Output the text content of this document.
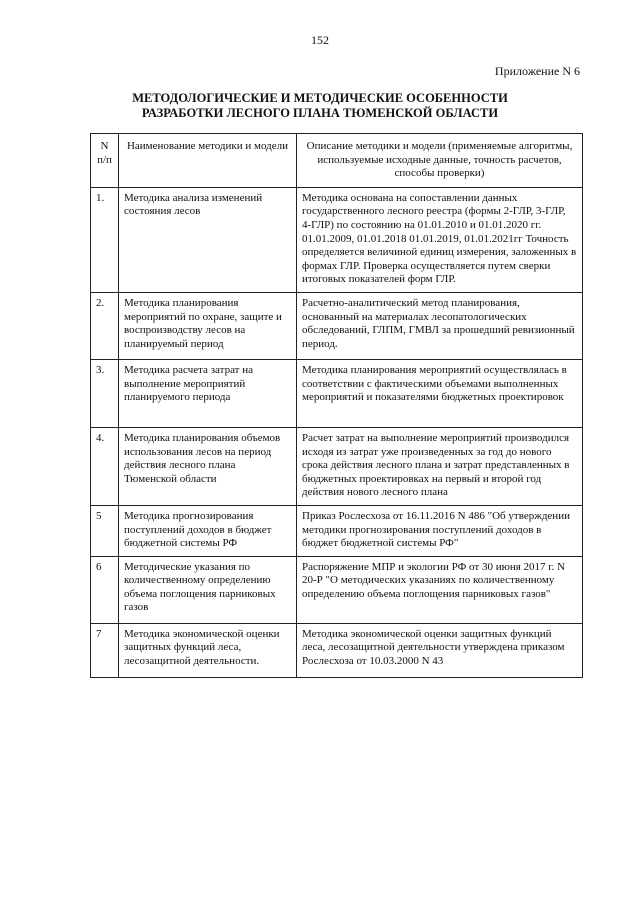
152
Приложение N 6
МЕТОДОЛОГИЧЕСКИЕ И МЕТОДИЧЕСКИЕ ОСОБЕННОСТИ
РАЗРАБОТКИ ЛЕСНОГО ПЛАНА ТЮМЕНСКОЙ ОБЛАСТИ
N п/п	Наименование методики и модели	Описание методики и модели (применяемые алгоритмы, используемые исходные данные, точность расчетов, способы проверки)
1.	Методика анализа изменений состояния лесов	Методика основана на сопоставлении данных государственного лесного реестра (формы 2-ГЛР, 3-ГЛР, 4-ГЛР) по состоянию на 01.01.2010 и 01.01.2020 гг. 01.01.2009, 01.01.2018 01.01.2019, 01.01.2021гг Точность определяется величиной единиц измерения, заложенных в формах ГЛР. Проверка осуществляется путем сверки итоговых показателей форм ГЛР.
2.	Методика планирования мероприятий по охране, защите и воспроизводству лесов на планируемый период	Расчетно-аналитический метод планирования, основанный на материалах лесопатологических обследований, ГЛПМ, ГМВЛ за прошедший ревизионный период.
3.	Методика расчета затрат на выполнение мероприятий планируемого периода	Методика планирования мероприятий осуществлялась в соответствии с фактическими объемами выполненных мероприятий и показателями бюджетных проектировок
4.	Методика планирования объемов использования лесов на период действия лесного плана Тюменской области	Расчет затрат на выполнение мероприятий производился исходя из затрат уже произведенных за год до нового срока действия лесного плана и затрат представленных в бюджетных проектировках на первый и второй год действия нового лесного плана
5	Методика прогнозирования поступлений доходов в бюджет бюджетной системы РФ	Приказ Рослесхоза от 16.11.2016 N 486 "Об утверждении методики прогнозирования поступлений доходов в бюджет бюджетной системы РФ"
6	Методические указания по количественному определению объема поглощения парниковых газов	Распоряжение МПР и экологии РФ от 30 июня 2017 г. N 20-Р "О методических указаниях по количественному определению объема поглощения парниковых газов"
7	Методика экономической оценки защитных функций леса, лесозащитной деятельности.	Методика экономической оценки защитных функций леса, лесозащитной деятельности утверждена приказом Рослесхоза от 10.03.2000 N 43
